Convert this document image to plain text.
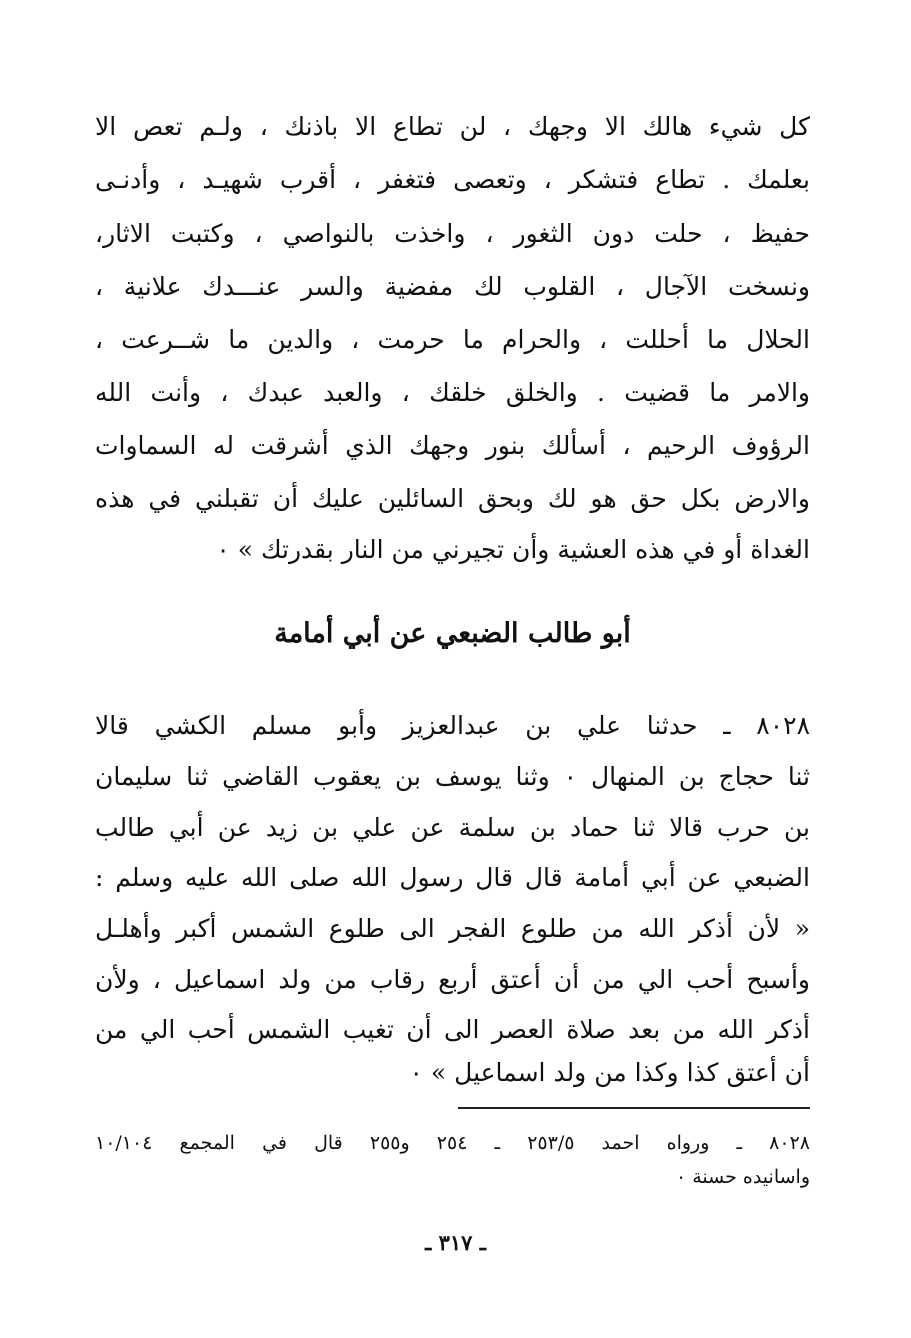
كل شيء هالك الا وجهك ، لن تطاع الا باذنك ، ولـم تعص الا
بعلمك . تطاع فتشكر ، وتعصى فتغفر ، أقرب شهيـد ، وأدنـى
حفيظ ، حلت دون الثغور ، واخذت بالنواصي ، وكتبت الاثار،
ونسخت الآجال ، القلوب لك مفضية والسر عنـــدك علانية ،
الحلال ما أحللت ، والحرام ما حرمت ، والدين ما شــرعت ،
والامر ما قضيت . والخلق خلقك ، والعبد عبدك ، وأنت الله
الرؤوف الرحيم ، أسألك بنور وجهك الذي أشرقت له السماوات
والارض بكل حق هو لك وبحق السائلين عليك أن تقبلني في هذه
الغداة أو في هذه العشية وأن تجيرني من النار بقدرتك » ٠
أبو طالب الضبعي عن أبي أمامة
٨٠٢٨ ـ حدثنا علي بن عبدالعزيز وأبو مسلم الكشي قالا
ثنا حجاج بن المنهال ٠ وثنا يوسف بن يعقوب القاضي ثنا سليمان
بن حرب قالا ثنا حماد بن سلمة عن علي بن زيد عن أبي طالب
الضبعي عن أبي أمامة قال قال رسول الله صلى الله عليه وسلم :
« لأن أذكر الله من طلوع الفجر الى طلوع الشمس أكبر وأهلـل
وأسبح أحب الي من أن أعتق أربع رقاب من ولد اسماعيل ، ولأن
أذكر الله من بعد صلاة العصر الى أن تغيب الشمس أحب الي من
أن أعتق كذا وكذا من ولد اسماعيل » ٠
٨٠٢٨ ـ ورواه احمد ٢٥٣/٥ ـ ٢٥٤ و٢٥٥ قال في المجمع ١٠/١٠٤
واسانيده حسنة ٠
ـ ٣١٧ ـ
